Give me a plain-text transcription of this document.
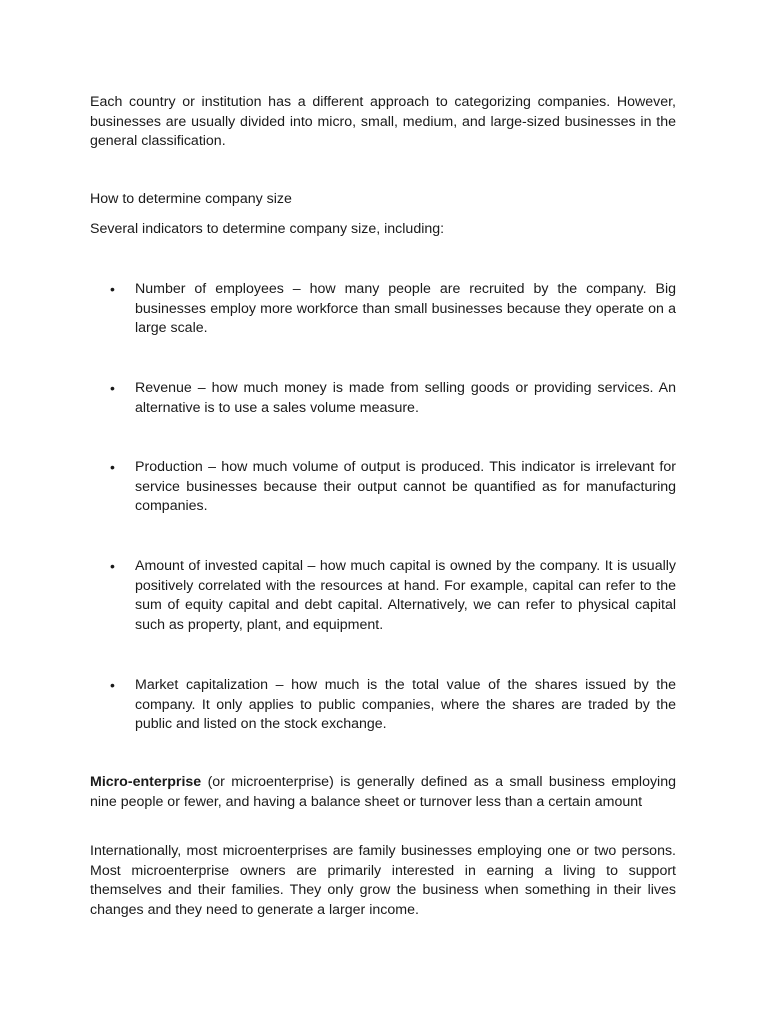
Each country or institution has a different approach to categorizing companies. However, businesses are usually divided into micro, small, medium, and large-sized businesses in the general classification.

How to determine company size

Several indicators to determine company size, including:

•	Number of employees – how many people are recruited by the company. Big businesses employ more workforce than small businesses because they operate on a large scale.

•	Revenue – how much money is made from selling goods or providing services. An alternative is to use a sales volume measure.

•	Production – how much volume of output is produced. This indicator is irrelevant for service businesses because their output cannot be quantified as for manufacturing companies.

•	Amount of invested capital – how much capital is owned by the company. It is usually positively correlated with the resources at hand. For example, capital can refer to the sum of equity capital and debt capital. Alternatively, we can refer to physical capital such as property, plant, and equipment.

•	Market capitalization – how much is the total value of the shares issued by the company. It only applies to public companies, where the shares are traded by the public and listed on the stock exchange.

Micro-enterprise (or microenterprise) is generally defined as a small business employing nine people or fewer, and having a balance sheet or turnover less than a certain amount

Internationally, most microenterprises are family businesses employing one or two persons. Most microenterprise owners are primarily interested in earning a living to support themselves and their families. They only grow the business when something in their lives changes and they need to generate a larger income.
